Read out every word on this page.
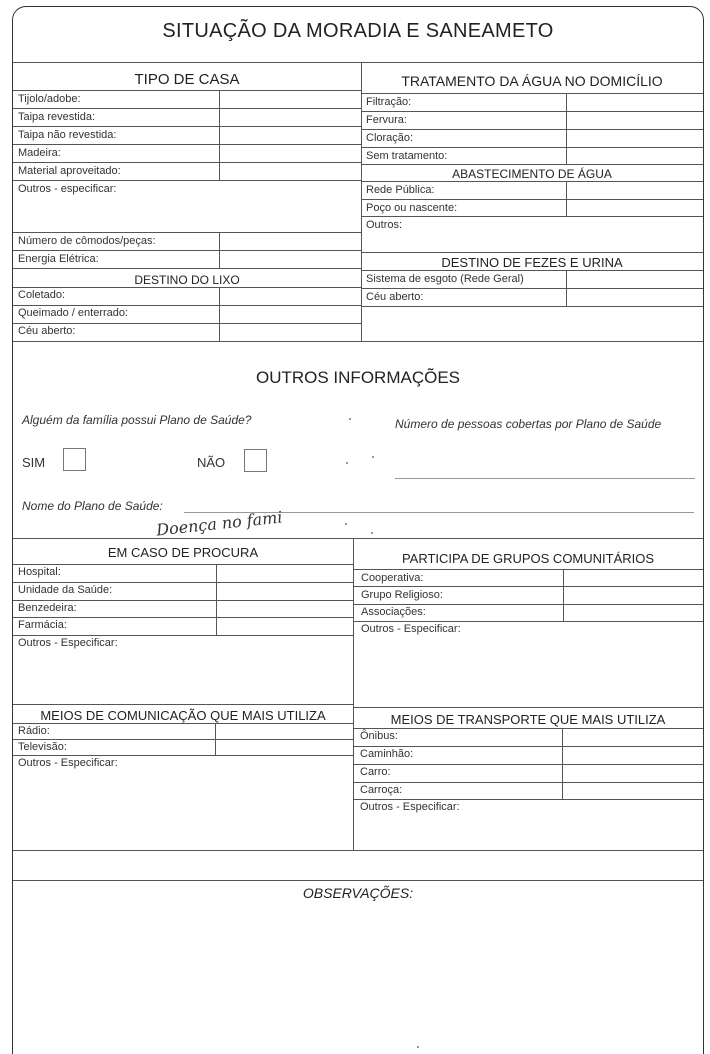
SITUAÇÃO DA MORADIA E SANEAMETO
TIPO DE CASA
Tijolo/adobe:
Taipa revestida:
Taipa não revestida:
Madeira:
Material aproveitado:
Outros - especificar:
Número de cômodos/peças:
Energia Elétrica:
DESTINO DO LIXO
Coletado:
Queimado / enterrado:
Céu aberto:
TRATAMENTO DA ÁGUA NO DOMICÍLIO
Filtração:
Fervura:
Cloração:
Sem tratamento:
ABASTECIMENTO DE ÁGUA
Rede Pública:
Poço ou nascente:
Outros:
DESTINO DE FEZES E URINA
Sistema de esgoto (Rede Geral)
Céu aberto:
OUTROS INFORMAÇÕES
Alguém da família possui Plano de Saúde?	Número de pessoas cobertas por Plano de Saúde
SIM	NÃO
Nome do Plano de Saúde:
Doença no fami
EM CASO DE PROCURA
Hospital:
Unidade da Saúde:
Benzedeira:
Farmácia:
Outros - Especificar:
PARTICIPA DE GRUPOS COMUNITÁRIOS
Cooperativa:
Grupo Religioso:
Associações:
Outros - Especificar:
MEIOS DE COMUNICAÇÃO QUE MAIS UTILIZA
Rádio:
Televisão:
Outros - Especificar:
MEIOS DE TRANSPORTE QUE MAIS UTILIZA
Ônibus:
Caminhão:
Carro:
Carroça:
Outros - Especificar:
OBSERVAÇÕES:
